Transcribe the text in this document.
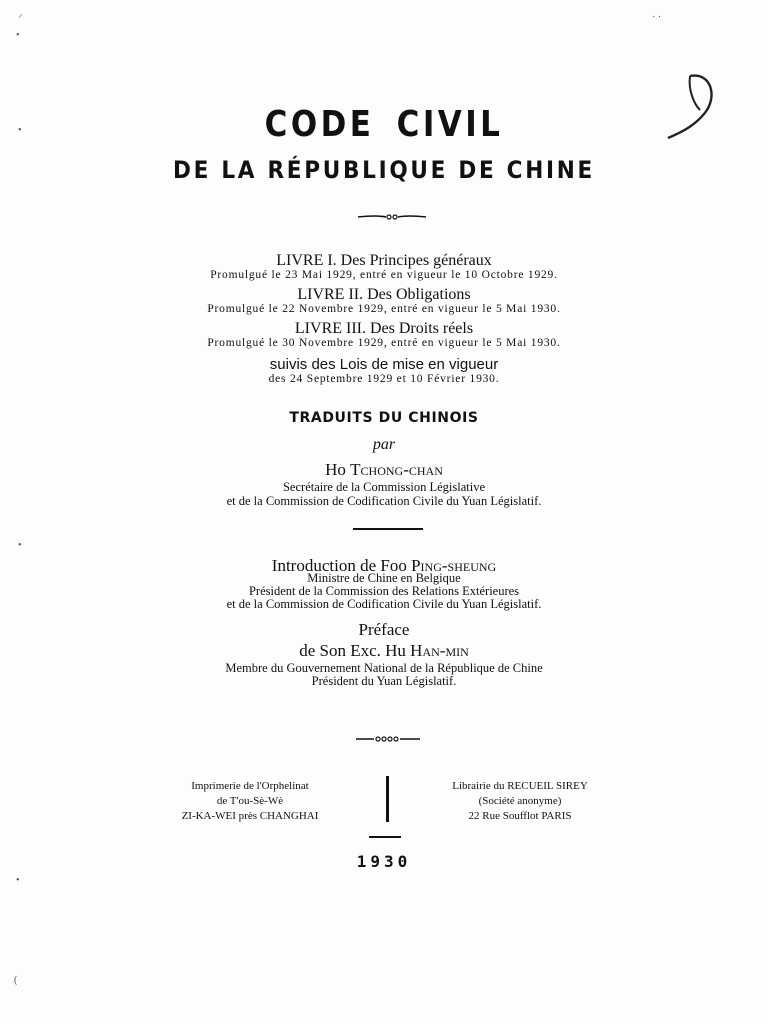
⸝	· ·
•
•
•
•
(
CODE CIVIL
DE LA RÉPUBLIQUE DE CHINE
LIVRE I. Des Principes généraux
Promulgué le 23 Mai 1929, entré en vigueur le 10 Octobre 1929.
LIVRE II. Des Obligations
Promulgué le 22 Novembre 1929, entré en vigueur le 5 Mai 1930.
LIVRE III. Des Droits réels
Promulgué le 30 Novembre 1929, entré en vigueur le 5 Mai 1930.
suivis des Lois de mise en vigueur
des 24 Septembre 1929 et 10 Février 1930.
TRADUITS DU CHINOIS
par
Ho Tchong-chan
Secrétaire de la Commission Législative
et de la Commission de Codification Civile du Yuan Législatif.
Introduction de Foo Ping-sheung
Ministre de Chine en Belgique
Président de la Commission des Relations Extérieures
et de la Commission de Codification Civile du Yuan Législatif.
Préface
de Son Exc. Hu Han-min
Membre du Gouvernement National de la République de Chine
Président du Yuan Législatif.
Imprimerie de l'Orphelinat
de T'ou-Sè-Wè
ZI-KA-WEI près CHANGHAI
Librairie du RECUEIL SIREY
(Société anonyme)
22 Rue Soufflot PARIS
1930
